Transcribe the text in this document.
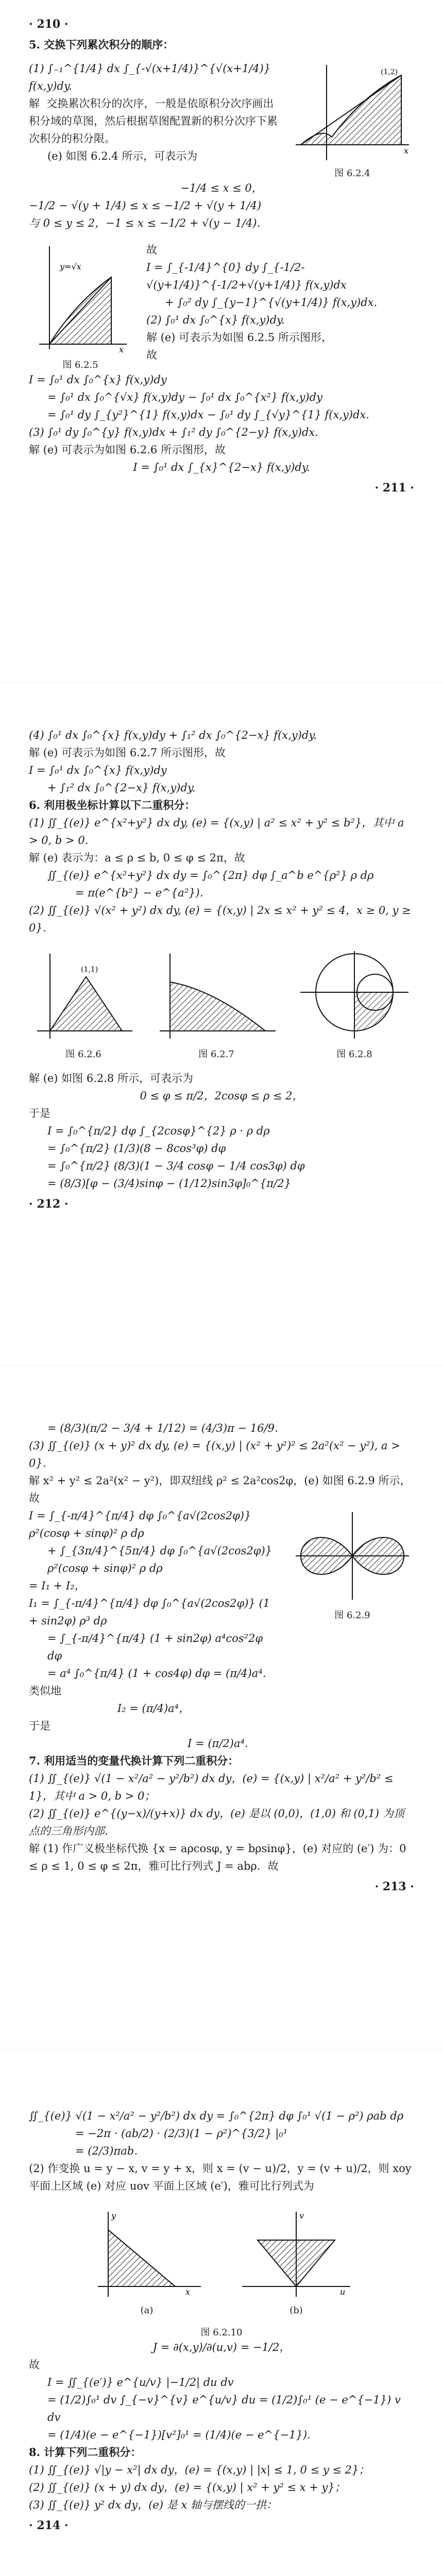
· 210 ·
5. 交换下列累次积分的顺序：
(1) ∫₋₁^{1/4} dx ∫_{-√(x+1/4)}^{√(x+1/4)} f(x,y)dy.
解  交换累次积分的次序，一般是依原积分次序画出积分域的草图，然后根据草图配置新的积分次序下累次积分的积分限。
(e) 如图 6.2.4 所示，可表示为
(1,2)
x
图 6.2.4
−1/4 ≤ x ≤ 0，
−1/2 − √(y + 1/4) ≤ x ≤ −1/2 + √(y + 1/4)
与 0 ≤ y ≤ 2，−1 ≤ x ≤ −1/2 + √(y − 1/4)．
y=√x
x
图 6.2.5
故
I = ∫_{-1/4}^{0} dy ∫_{-1/2-√(y+1/4)}^{-1/2+√(y+1/4)} f(x,y)dx
+ ∫₀² dy ∫_{y−1}^{√(y+1/4)} f(x,y)dx.
(2) ∫₀¹ dx ∫₀^{x} f(x,y)dy.
解 (e) 可表示为如图 6.2.5 所示图形，
故
I = ∫₀¹ dx ∫₀^{x} f(x,y)dy
= ∫₀¹ dx ∫₀^{√x} f(x,y)dy − ∫₀¹ dx ∫₀^{x²} f(x,y)dy
= ∫₀¹ dy ∫_{y²}^{1} f(x,y)dx − ∫₀¹ dy ∫_{√y}^{1} f(x,y)dx.
(3) ∫₀¹ dy ∫₀^{y} f(x,y)dx + ∫₁² dy ∫₀^{2−y} f(x,y)dx.
解 (e) 可表示为如图 6.2.6 所示图形，故
I = ∫₀¹ dx ∫_{x}^{2−x} f(x,y)dy.
· 211 ·
(4) ∫₀¹ dx ∫₀^{x} f(x,y)dy + ∫₁² dx ∫₀^{2−x} f(x,y)dy.
解 (e) 可表示为如图 6.2.7 所示图形，故
I = ∫₀¹ dx ∫₀^{x} f(x,y)dy
+ ∫₁² dx ∫₀^{2−x} f(x,y)dy.
6. 利用极坐标计算以下二重积分：
(1) ∬_{(e)} e^{x²+y²} dx dy, (e) = {(x,y) | a² ≤ x² + y² ≤ b²}，其中 a > 0, b > 0.
解 (e) 表示为：a ≤ ρ ≤ b, 0 ≤ φ ≤ 2π，故
∬_{(e)} e^{x²+y²} dx dy = ∫₀^{2π} dφ ∫_a^b e^{ρ²} ρ dρ
= π(e^{b²} − e^{a²})．
(2) ∬_{(e)} √(x² + y²) dx dy, (e) = {(x,y) | 2x ≤ x² + y² ≤ 4，x ≥ 0, y ≥ 0}．
(1,1)
图 6.2.6	图 6.2.7	图 6.2.8
解 (e) 如图 6.2.8 所示，可表示为
0 ≤ φ ≤ π/2，2cosφ ≤ ρ ≤ 2，
于是
I = ∫₀^{π/2} dφ ∫_{2cosφ}^{2} ρ · ρ dρ
= ∫₀^{π/2} (1/3)(8 − 8cos³φ) dφ
= ∫₀^{π/2} (8/3)(1 − 3/4 cosφ − 1/4 cos3φ) dφ
= (8/3)[φ − (3/4)sinφ − (1/12)sin3φ]₀^{π/2}
· 212 ·
= (8/3)(π/2 − 3/4 + 1/12) = (4/3)π − 16/9．
(3) ∬_{(e)} (x + y)² dx dy, (e) = {(x,y) | (x² + y²)² ≤ 2a²(x² − y²), a > 0}．
解 x² + y² ≤ 2a²(x² − y²)，即双纽线 ρ² ≤ 2a²cos2φ，(e) 如图 6.2.9 所示，故
I = ∫_{-π/4}^{π/4} dφ ∫₀^{a√(2cos2φ)} ρ²(cosφ + sinφ)² ρ dρ
+ ∫_{3π/4}^{5π/4} dφ ∫₀^{a√(2cos2φ)} ρ²(cosφ + sinφ)² ρ dρ
= I₁ + I₂，
I₁ = ∫_{-π/4}^{π/4} dφ ∫₀^{a√(2cos2φ)} (1 + sin2φ) ρ³ dρ
= ∫_{-π/4}^{π/4} (1 + sin2φ) a⁴cos²2φ dφ
= a⁴ ∫₀^{π/4} (1 + cos4φ) dφ = (π/4)a⁴．
类似地
I₂ = (π/4)a⁴，
图 6.2.9
于是
I = (π/2)a⁴．
7. 利用适当的变量代换计算下列二重积分：
(1) ∬_{(e)} √(1 − x²/a² − y²/b²) dx dy，(e) = {(x,y) | x²/a² + y²/b² ≤ 1}，其中 a > 0, b > 0；
(2) ∬_{(e)} e^{(y−x)/(y+x)} dx dy，(e) 是以 (0,0)，(1,0) 和 (0,1) 为顶点的三角形内部．
解 (1) 作广义极坐标代换 {x = aρcosφ, y = bρsinφ}，(e) 对应的 (e′) 为：0 ≤ ρ ≤ 1, 0 ≤ φ ≤ 2π，雅可比行列式 J = abρ．故
· 213 ·
∬_{(e)} √(1 − x²/a² − y²/b²) dx dy = ∫₀^{2π} dφ ∫₀¹ √(1 − ρ²) ρab dρ
= −2π · (ab/2) · (2/3)(1 − ρ²)^{3/2} |₀¹
= (2/3)πab．
(2) 作变换 u = y − x, v = y + x，则 x = (v − u)/2，y = (v + u)/2，则 xoy 平面上区域 (e) 对应 uov 平面上区域 (e′)，雅可比行列式为
x
y
(a)
u
v
(b)
图 6.2.10
J = ∂(x,y)/∂(u,v) = −1/2，
故
I = ∬_{(e′)} e^{u/v} |−1/2| du dv
= (1/2)∫₀¹ dv ∫_{−v}^{v} e^{u/v} du = (1/2)∫₀¹ (e − e^{−1}) v dv
= (1/4)(e − e^{−1})[v²]₀¹ = (1/4)(e − e^{−1})．
8. 计算下列二重积分：
(1) ∬_{(e)} √|y − x²| dx dy，(e) = {(x,y) | |x| ≤ 1, 0 ≤ y ≤ 2}；
(2) ∬_{(e)} (x + y) dx dy，(e) = {(x,y) | x² + y² ≤ x + y}；
(3) ∬_{(e)} y² dx dy，(e) 是 x 轴与摆线的一拱：
· 214 ·
